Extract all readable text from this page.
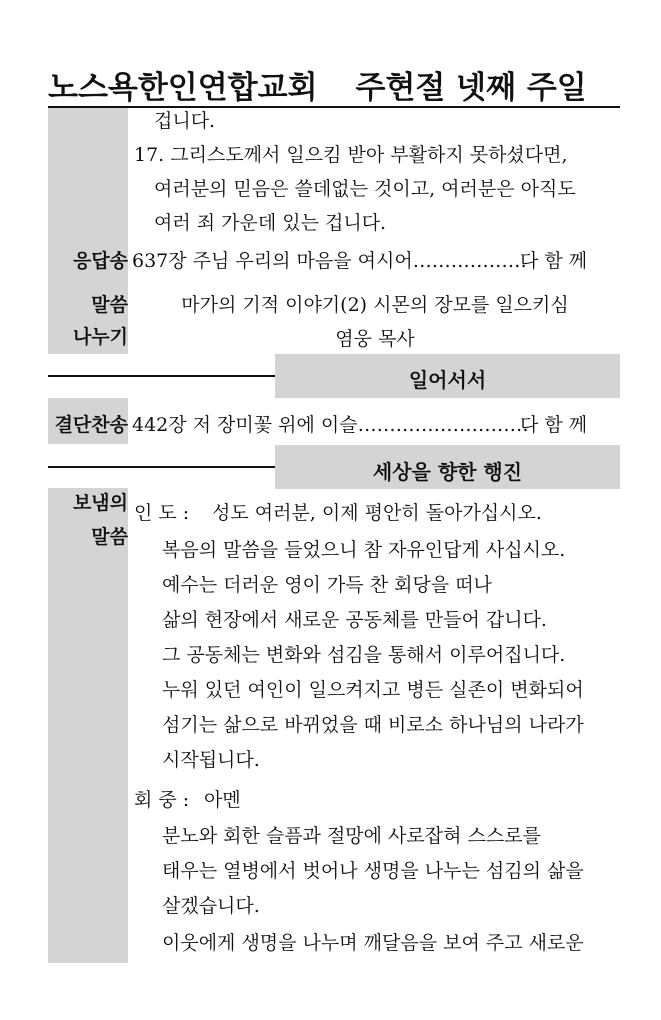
노스욕한인연합교회 주현절 넷째 주일
겁니다.
17. 그리스도께서 일으킴 받아 부활하지 못하셨다면,
여러분의 믿음은 쓸데없는 것이고, 여러분은 아직도
여러 죄 가운데 있는 겁니다.
응답송 637장 주님 우리의 마음을 여시어………………
다 함 께
말씀
나누기
마가의 기적 이야기(2) 시몬의 장모를 일으키심
염웅 목사
일어서서
결단찬송 442장 저 장미꽃 위에 이슬………………………
다 함 께
세상을 향한 행진
보냄의
말씀
인 도 : 성도 여러분, 이제 평안히 돌아가십시오.
복음의 말씀을 들었으니 참 자유인답게 사십시오.
예수는 더러운 영이 가득 찬 회당을 떠나
삶의 현장에서 새로운 공동체를 만들어 갑니다.
그 공동체는 변화와 섬김을 통해서 이루어집니다.
누워 있던 여인이 일으켜지고 병든 실존이 변화되어
섬기는 삶으로 바뀌었을 때 비로소 하나님의 나라가
시작됩니다.
회 중 : 아멘
분노와 회한 슬픔과 절망에 사로잡혀 스스로를
태우는 열병에서 벗어나 생명을 나누는 섬김의 삶을
살겠습니다.
이웃에게 생명을 나누며 깨달음을 보여 주고 새로운
